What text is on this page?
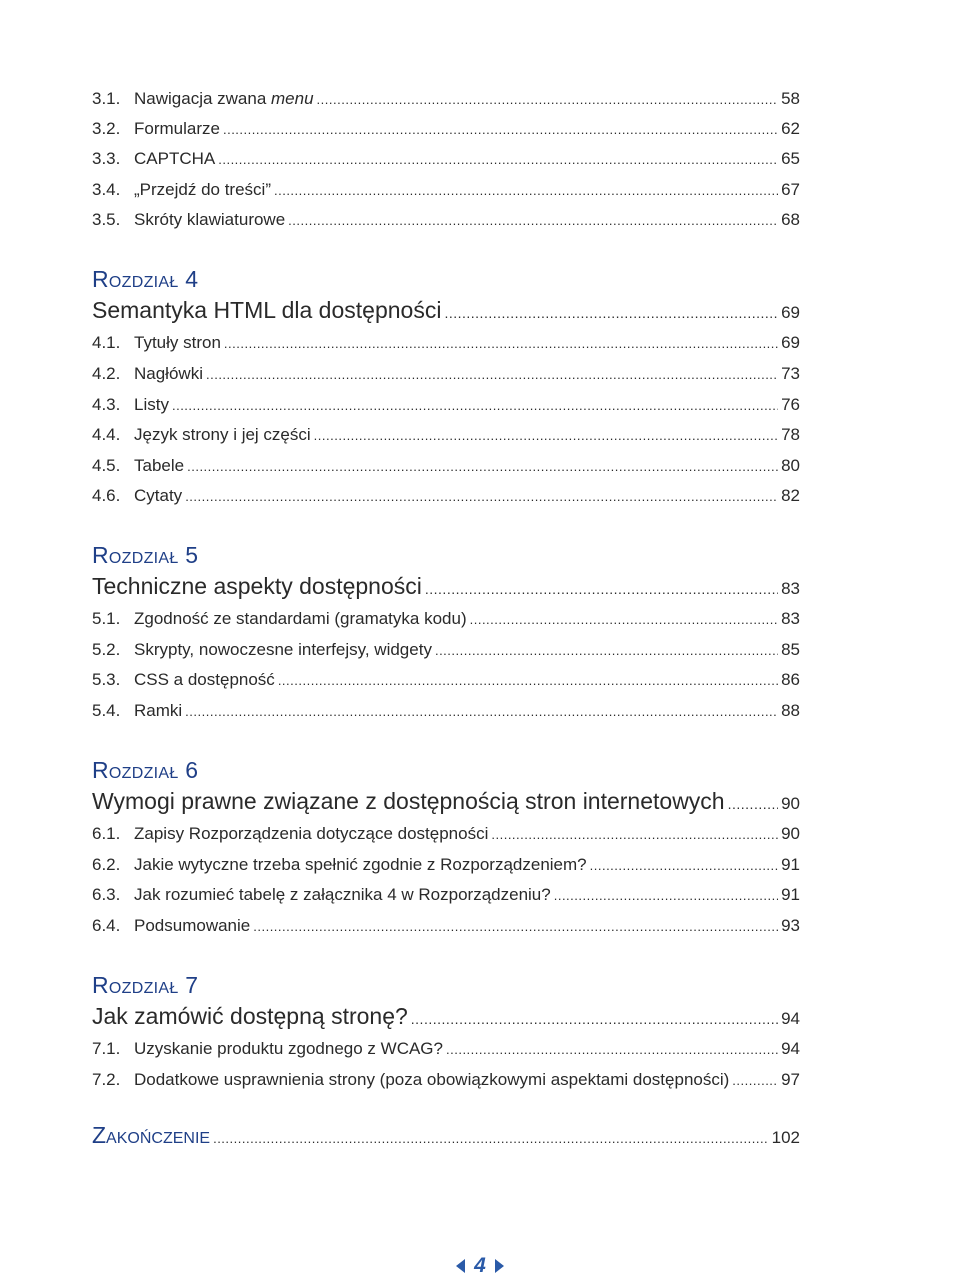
3.1. Nawigacja zwana menu .....	58
3.2. Formularze .....	62
3.3. CAPTCHA .....	65
3.4. „Przejdź do treści” .....	67
3.5. Skróty klawiaturowe .....	68
Rozdział 4
Semantyka HTML dla dostępności .....	69
4.1. Tytuły stron .....	69
4.2. Nagłówki .....	73
4.3. Listy .....	76
4.4. Język strony i jej części .....	78
4.5. Tabele .....	80
4.6. Cytaty .....	82
Rozdział 5
Techniczne aspekty dostępności .....	83
5.1. Zgodność ze standardami (gramatyka kodu) .....	83
5.2. Skrypty, nowoczesne interfejsy, widgety .....	85
5.3. CSS a dostępność .....	86
5.4. Ramki .....	88
Rozdział 6
Wymogi prawne związane z dostępnością stron internetowych .....	90
6.1. Zapisy Rozporządzenia dotyczące dostępności .....	90
6.2. Jakie wytyczne trzeba spełnić zgodnie z Rozporządzeniem? .....	91
6.3. Jak rozumieć tabelę z załącznika 4 w Rozporządzeniu? .....	91
6.4. Podsumowanie .....	93
Rozdział 7
Jak zamówić dostępną stronę? .....	94
7.1. Uzyskanie produktu zgodnego z WCAG? .....	94
7.2. Dodatkowe usprawnienia strony (poza obowiązkowymi aspektami dostępności) .....	97
Zakończenie .....	102
4
